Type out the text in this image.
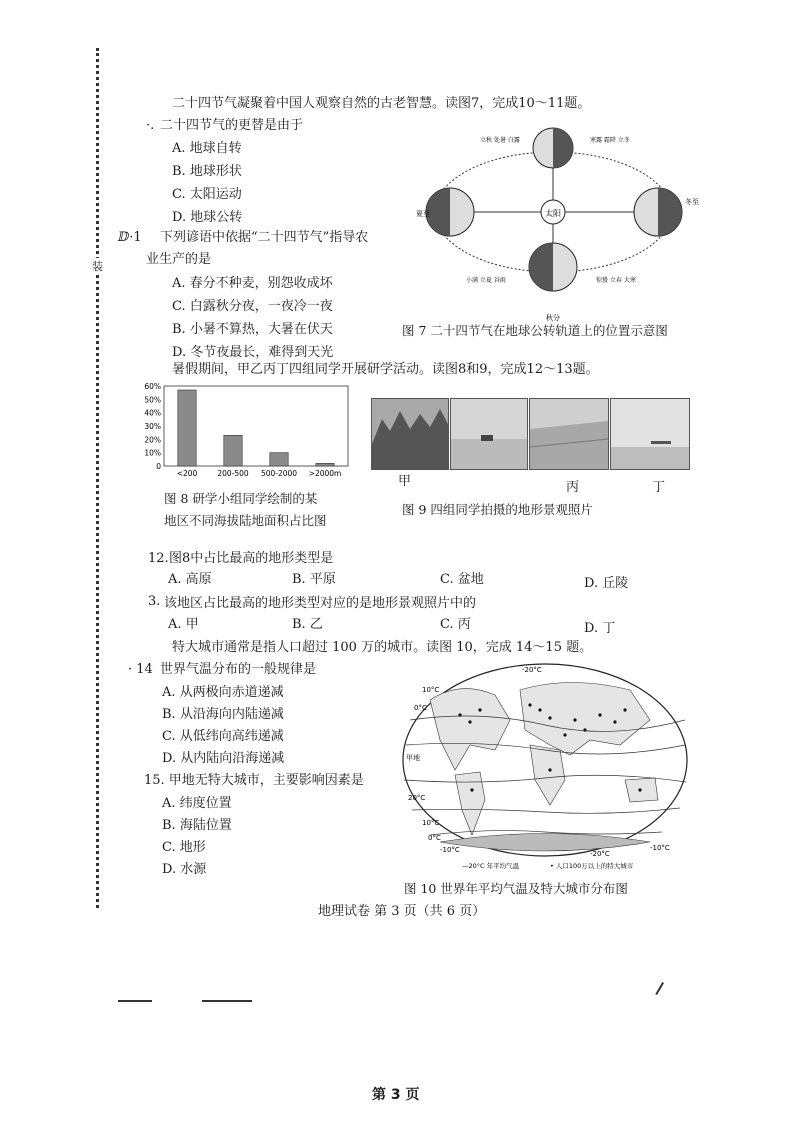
装
二十四节气凝聚着中国人观察自然的古老智慧。读图7，完成10～11题。
·. 二十四节气的更替是由于
A. 地球自转
B. 地球形状
C. 太阳运动
D. 地球公转
ⅅ·1 下列谚语中依据“二十四节气”指导农
业生产的是
A. 春分不种麦，别怨收成坏
C. 白露秋分夜，一夜冷一夜
B. 小暑不算热，大暑在伏天
D. 冬节夜最长，难得到天光
太阳
夏至
冬至
秋分
立秋 处暑 白露	寒露 霜降 立冬
小满 立夏 谷雨	惊蛰 立春 大寒
图 7 二十四节气在地球公转轨道上的位置示意图
暑假期间，甲乙丙丁四组同学开展研学活动。读图8和9，完成12～13题。
0
10%
20%
30%
40%
50%
60%
<200	200-500 500-2000 >2000m
图 8 研学小组同学绘制的某
地区不同海拔陆地面积占比图
甲	丙	丁
图 9 四组同学拍摄的地形景观照片
12. 图8中占比最高的地形类型是
A. 高原	B. 平原	C. 盆地	D. 丘陵
3. 该地区占比最高的地形类型对应的是地形景观照片中的
A. 甲	B. 乙	C. 丙	D. 丁
特大城市通常是指人口超过 100 万的城市。读图 10，完成 14～15 题。
· 14 世界气温分布的一般规律是
A. 从两极向赤道递减
B. 从沿海向内陆递减
C. 从低纬向高纬递减
D. 从内陆向沿海递减
15. 甲地无特大城市，主要影响因素是
A. 纬度位置
B. 海陆位置
C. 地形
D. 水源
-20°C
10°C
0°C
20°C
10°C
0°C
-10°C	-20°C
-10°C
甲地
—20°C 年平均气温	• 人口100万以上的特大城市
图 10 世界年平均气温及特大城市分布图
地理试卷 第 3 页（共 6 页）
第 3 页
